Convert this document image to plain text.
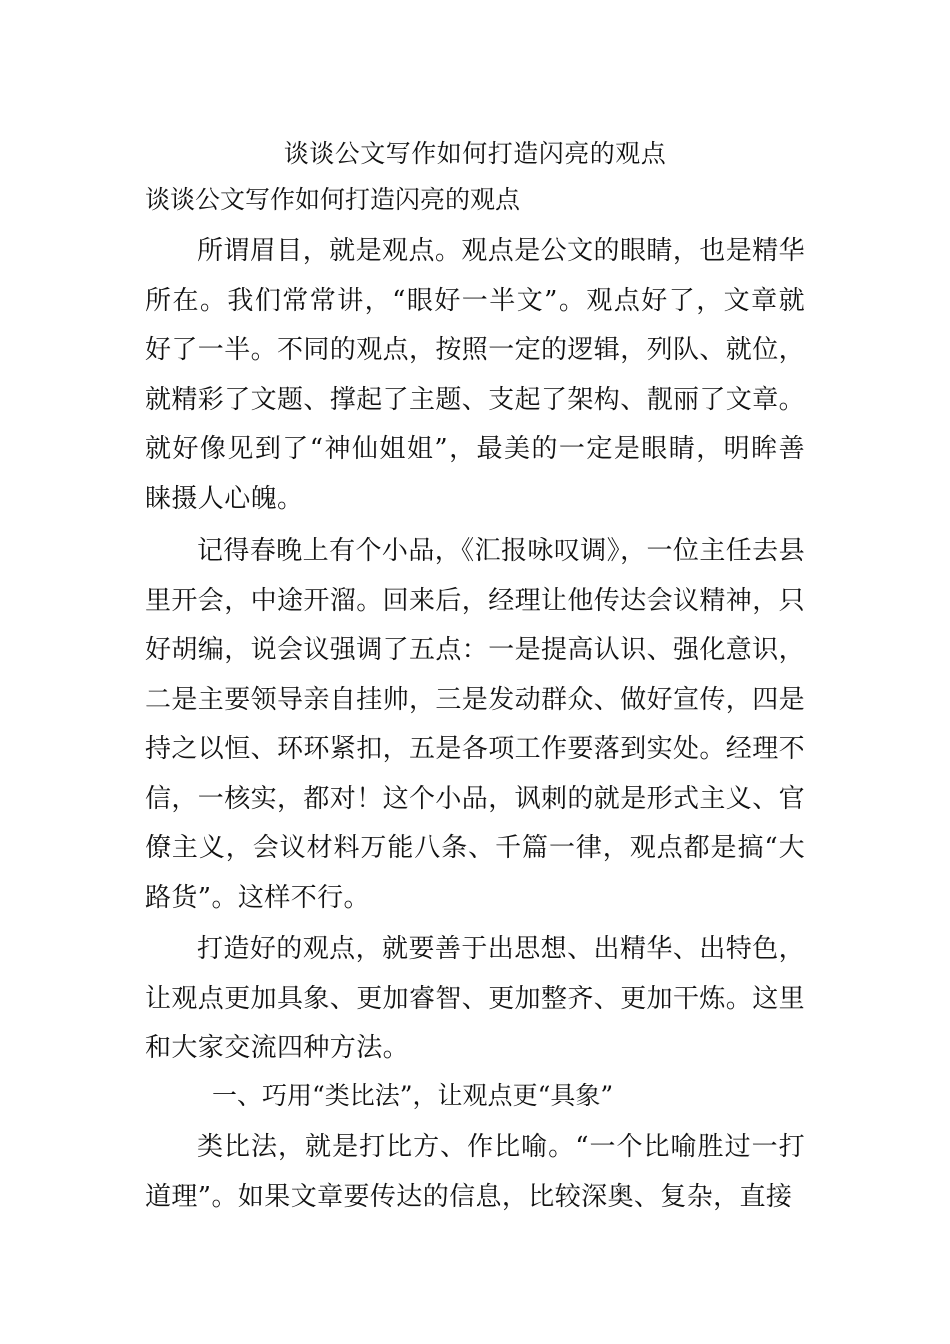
谈谈公文写作如何打造闪亮的观点
谈谈公文写作如何打造闪亮的观点

所谓眉目，就是观点。观点是公文的眼睛，也是精华所在。我们常常讲，“眼好一半文”。观点好了，文章就好了一半。不同的观点，按照一定的逻辑，列队、就位，就精彩了文题、撑起了主题、支起了架构、靓丽了文章。就好像见到了“神仙姐姐”，最美的一定是眼睛，明眸善睐摄人心魄。

记得春晚上有个小品，《汇报咏叹调》，一位主任去县里开会，中途开溜。回来后，经理让他传达会议精神，只好胡编，说会议强调了五点：一是提高认识、强化意识，二是主要领导亲自挂帅，三是发动群众、做好宣传，四是持之以恒、环环紧扣，五是各项工作要落到实处。经理不信，一核实，都对！这个小品，讽刺的就是形式主义、官僚主义，会议材料万能八条、千篇一律，观点都是搞“大路货”。这样不行。

打造好的观点，就要善于出思想、出精华、出特色，让观点更加具象、更加睿智、更加整齐、更加干炼。这里和大家交流四种方法。

一、巧用“类比法”，让观点更“具象”

类比法，就是打比方、作比喻。“一个比喻胜过一打道理”。如果文章要传达的信息，比较深奥、复杂，直接
